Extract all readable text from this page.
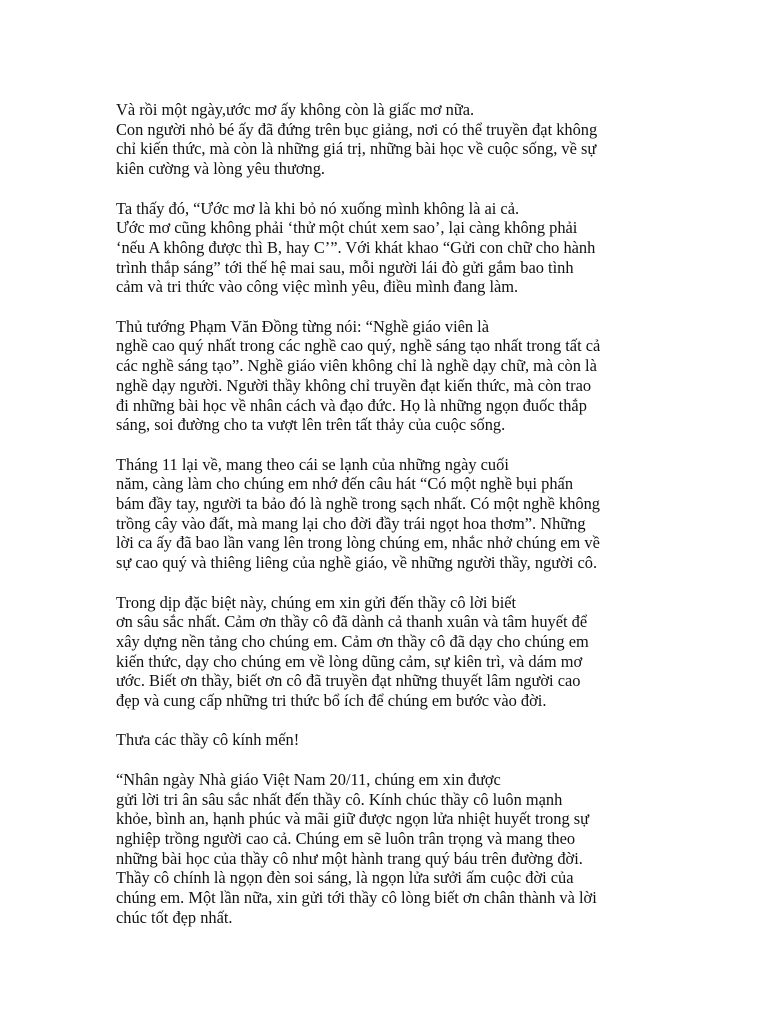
Và rồi một ngày,ước mơ ấy không còn là giấc mơ nữa.
Con người nhỏ bé ấy đã đứng trên bục giảng, nơi có thể truyền đạt không
chỉ kiến thức, mà còn là những giá trị, những bài học về cuộc sống, về sự
kiên cường và lòng yêu thương.

Ta thấy đó, “Ước mơ là khi bỏ nó xuống mình không là ai cả.
Ước mơ cũng không phải ‘thử một chút xem sao’, lại càng không phải
‘nếu A không được thì B, hay C’”. Với khát khao “Gửi con chữ cho hành
trình thắp sáng” tới thế hệ mai sau, mỗi người lái đò gửi gắm bao tình
cảm và tri thức vào công việc mình yêu, điều mình đang làm.

Thủ tướng Phạm Văn Đồng từng nói: “Nghề giáo viên là
nghề cao quý nhất trong các nghề cao quý, nghề sáng tạo nhất trong tất cả
các nghề sáng tạo”. Nghề giáo viên không chỉ là nghề dạy chữ, mà còn là
nghề dạy người. Người thầy không chỉ truyền đạt kiến thức, mà còn trao
đi những bài học về nhân cách và đạo đức. Họ là những ngọn đuốc thắp
sáng, soi đường cho ta vượt lên trên tất thảy của cuộc sống.

Tháng 11 lại về, mang theo cái se lạnh của những ngày cuối
năm, càng làm cho chúng em nhớ đến câu hát “Có một nghề bụi phấn
bám đầy tay, người ta bảo đó là nghề trong sạch nhất. Có một nghề không
trồng cây vào đất, mà mang lại cho đời đầy trái ngọt hoa thơm”. Những
lời ca ấy đã bao lần vang lên trong lòng chúng em, nhắc nhở chúng em về
sự cao quý và thiêng liêng của nghề giáo, về những người thầy, người cô.

Trong dịp đặc biệt này, chúng em xin gửi đến thầy cô lời biết
ơn sâu sắc nhất. Cảm ơn thầy cô đã dành cả thanh xuân và tâm huyết để
xây dựng nền tảng cho chúng em. Cảm ơn thầy cô đã dạy cho chúng em
kiến thức, dạy cho chúng em về lòng dũng cảm, sự kiên trì, và dám mơ
ước. Biết ơn thầy, biết ơn cô đã truyền đạt những thuyết lâm người cao
đẹp và cung cấp những tri thức bổ ích để chúng em bước vào đời.

Thưa các thầy cô kính mến!

“Nhân ngày Nhà giáo Việt Nam 20/11, chúng em xin được
gửi lời tri ân sâu sắc nhất đến thầy cô. Kính chúc thầy cô luôn mạnh
khỏe, bình an, hạnh phúc và mãi giữ được ngọn lửa nhiệt huyết trong sự
nghiệp trồng người cao cả. Chúng em sẽ luôn trân trọng và mang theo
những bài học của thầy cô như một hành trang quý báu trên đường đời.
Thầy cô chính là ngọn đèn soi sáng, là ngọn lửa sưởi ấm cuộc đời của
chúng em. Một lần nữa, xin gửi tới thầy cô lòng biết ơn chân thành và lời
chúc tốt đẹp nhất.
